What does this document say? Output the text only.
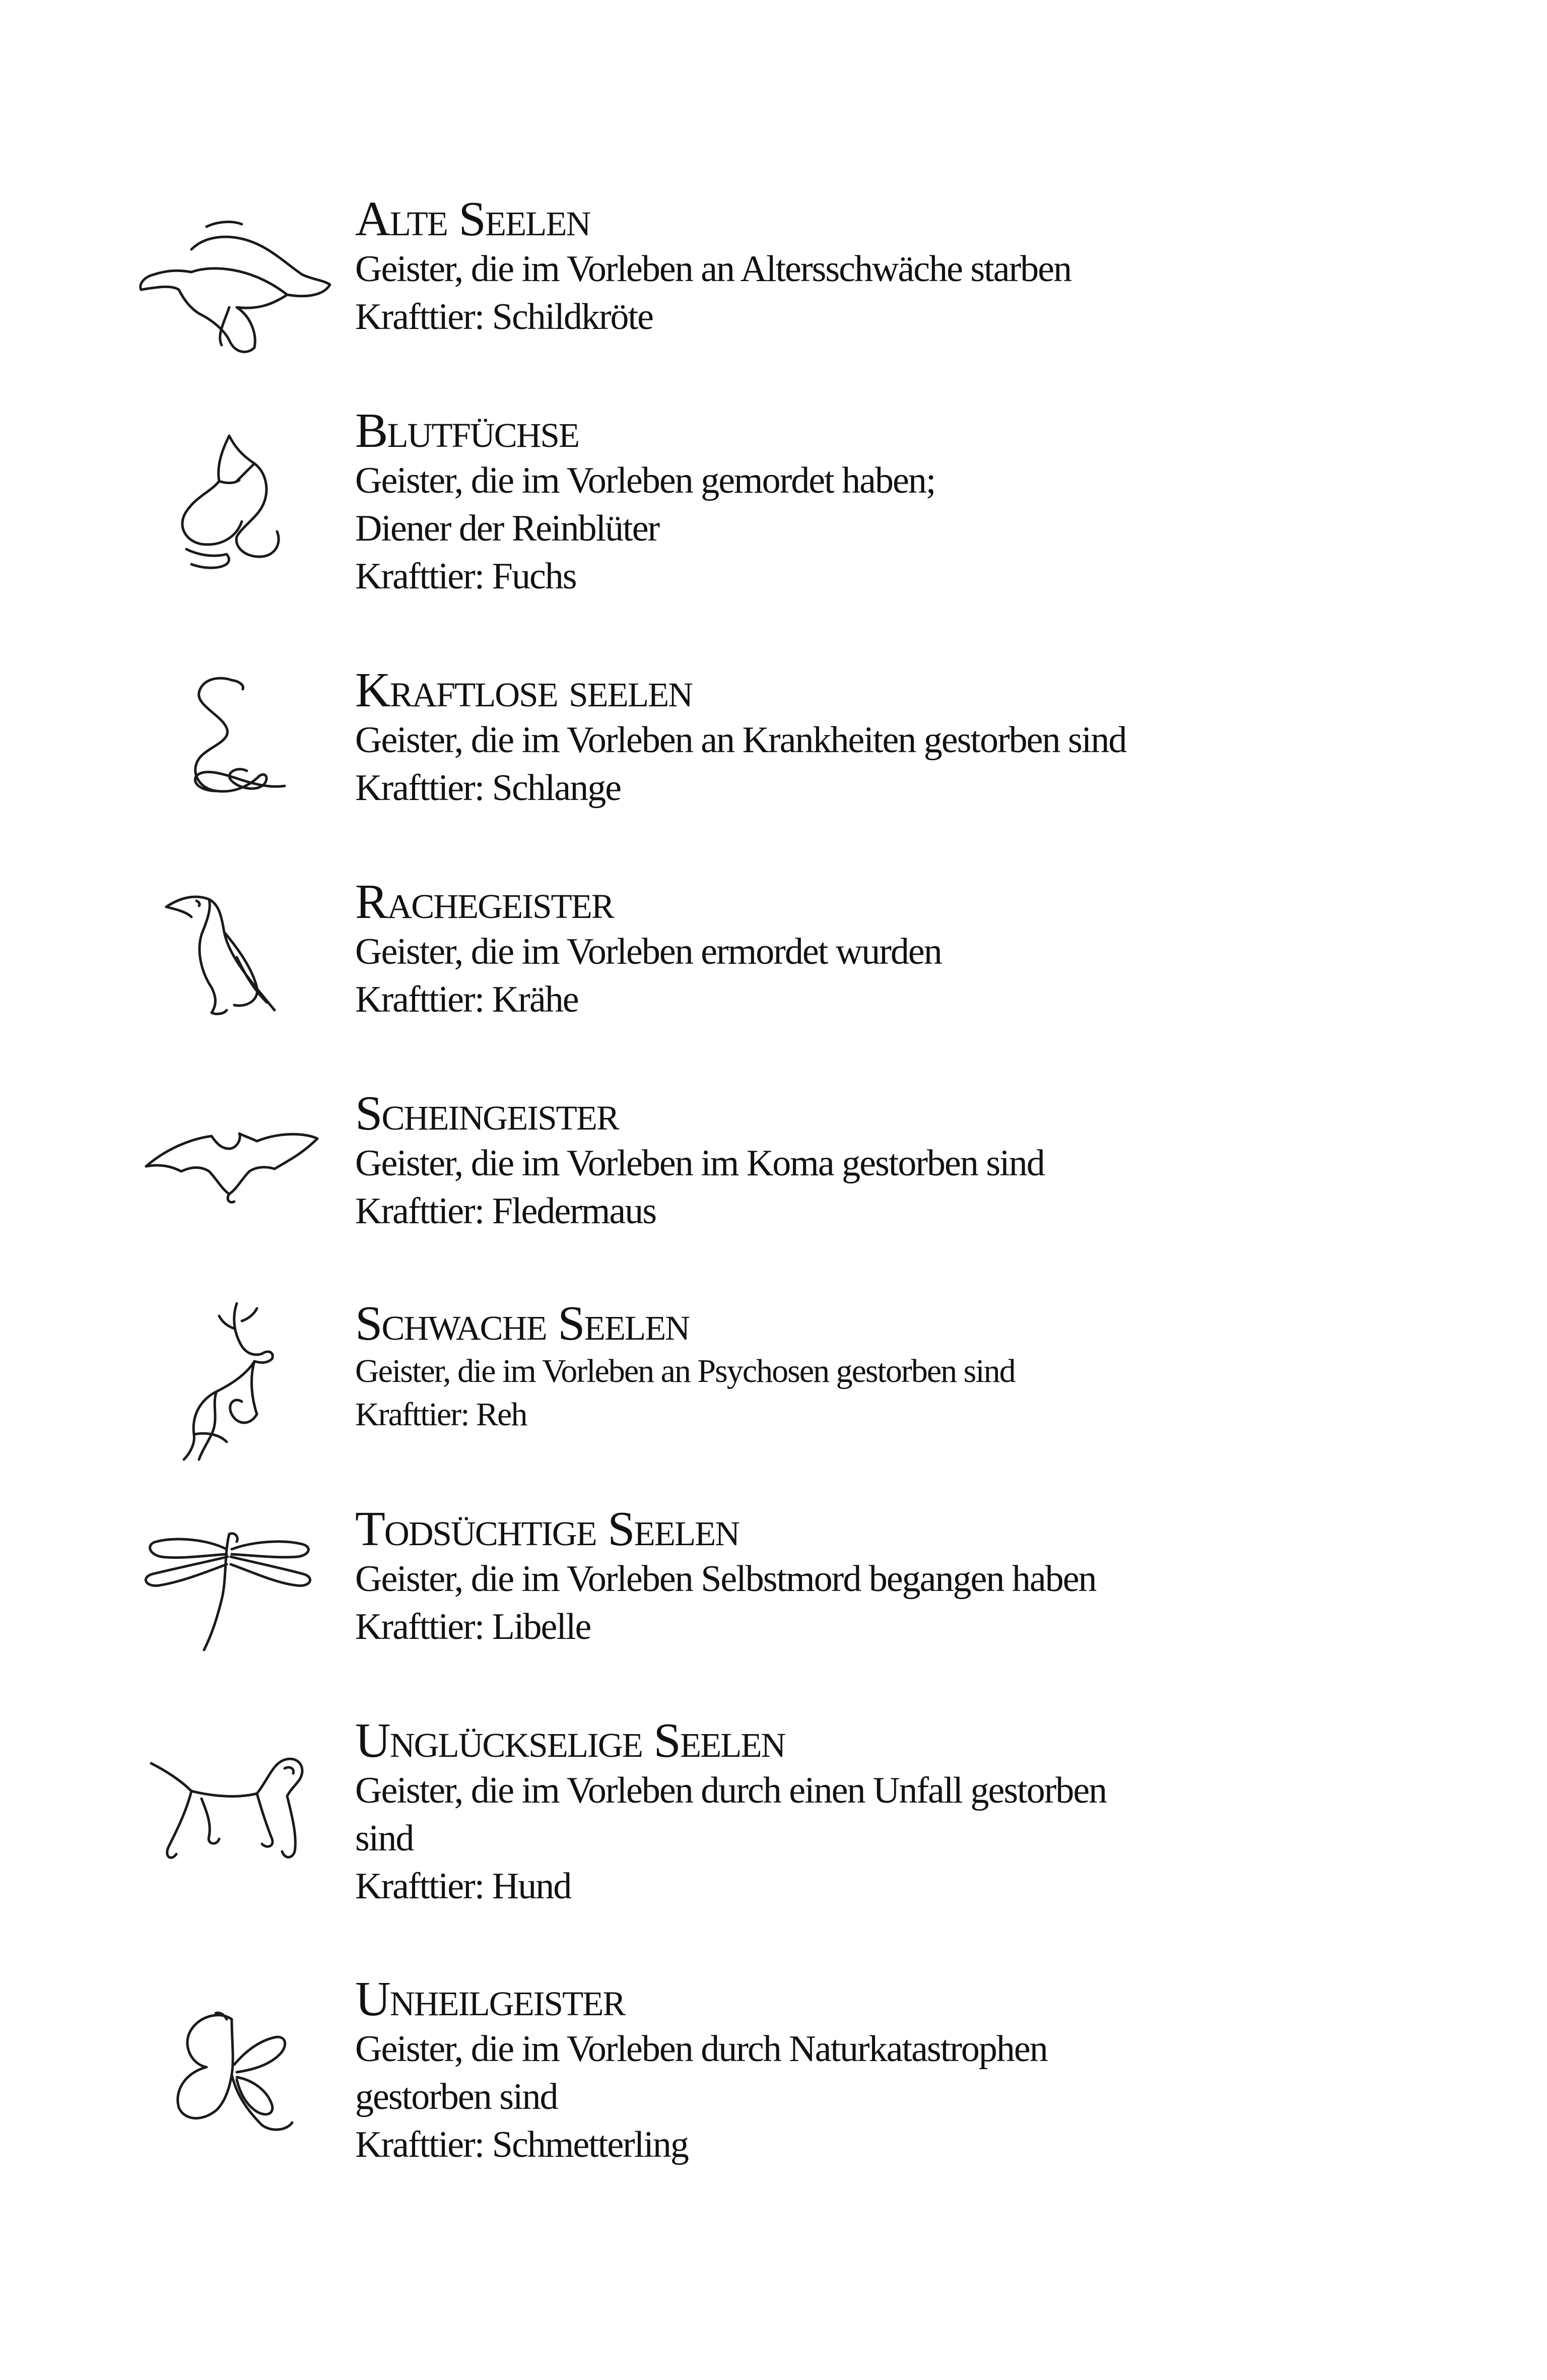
Alte Seelen
Geister, die im Vorleben an Altersschwäche starben
Krafttier: Schildkröte
Blutfüchse
Geister, die im Vorleben gemordet haben;
Diener der Reinblüter
Krafttier: Fuchs
Kraftlose seelen
Geister, die im Vorleben an Krankheiten gestorben sind
Krafttier: Schlange
Rachegeister
Geister, die im Vorleben ermordet wurden
Krafttier: Krähe
Scheingeister
Geister, die im Vorleben im Koma gestorben sind
Krafttier: Fledermaus
Schwache Seelen
Geister, die im Vorleben an Psychosen gestorben sind
Krafttier: Reh
Todsüchtige Seelen
Geister, die im Vorleben Selbstmord begangen haben
Krafttier: Libelle
Unglückselige Seelen
Geister, die im Vorleben durch einen Unfall gestorben
sind
Krafttier: Hund
Unheilgeister
Geister, die im Vorleben durch Naturkatastrophen
gestorben sind
Krafttier: Schmetterling
